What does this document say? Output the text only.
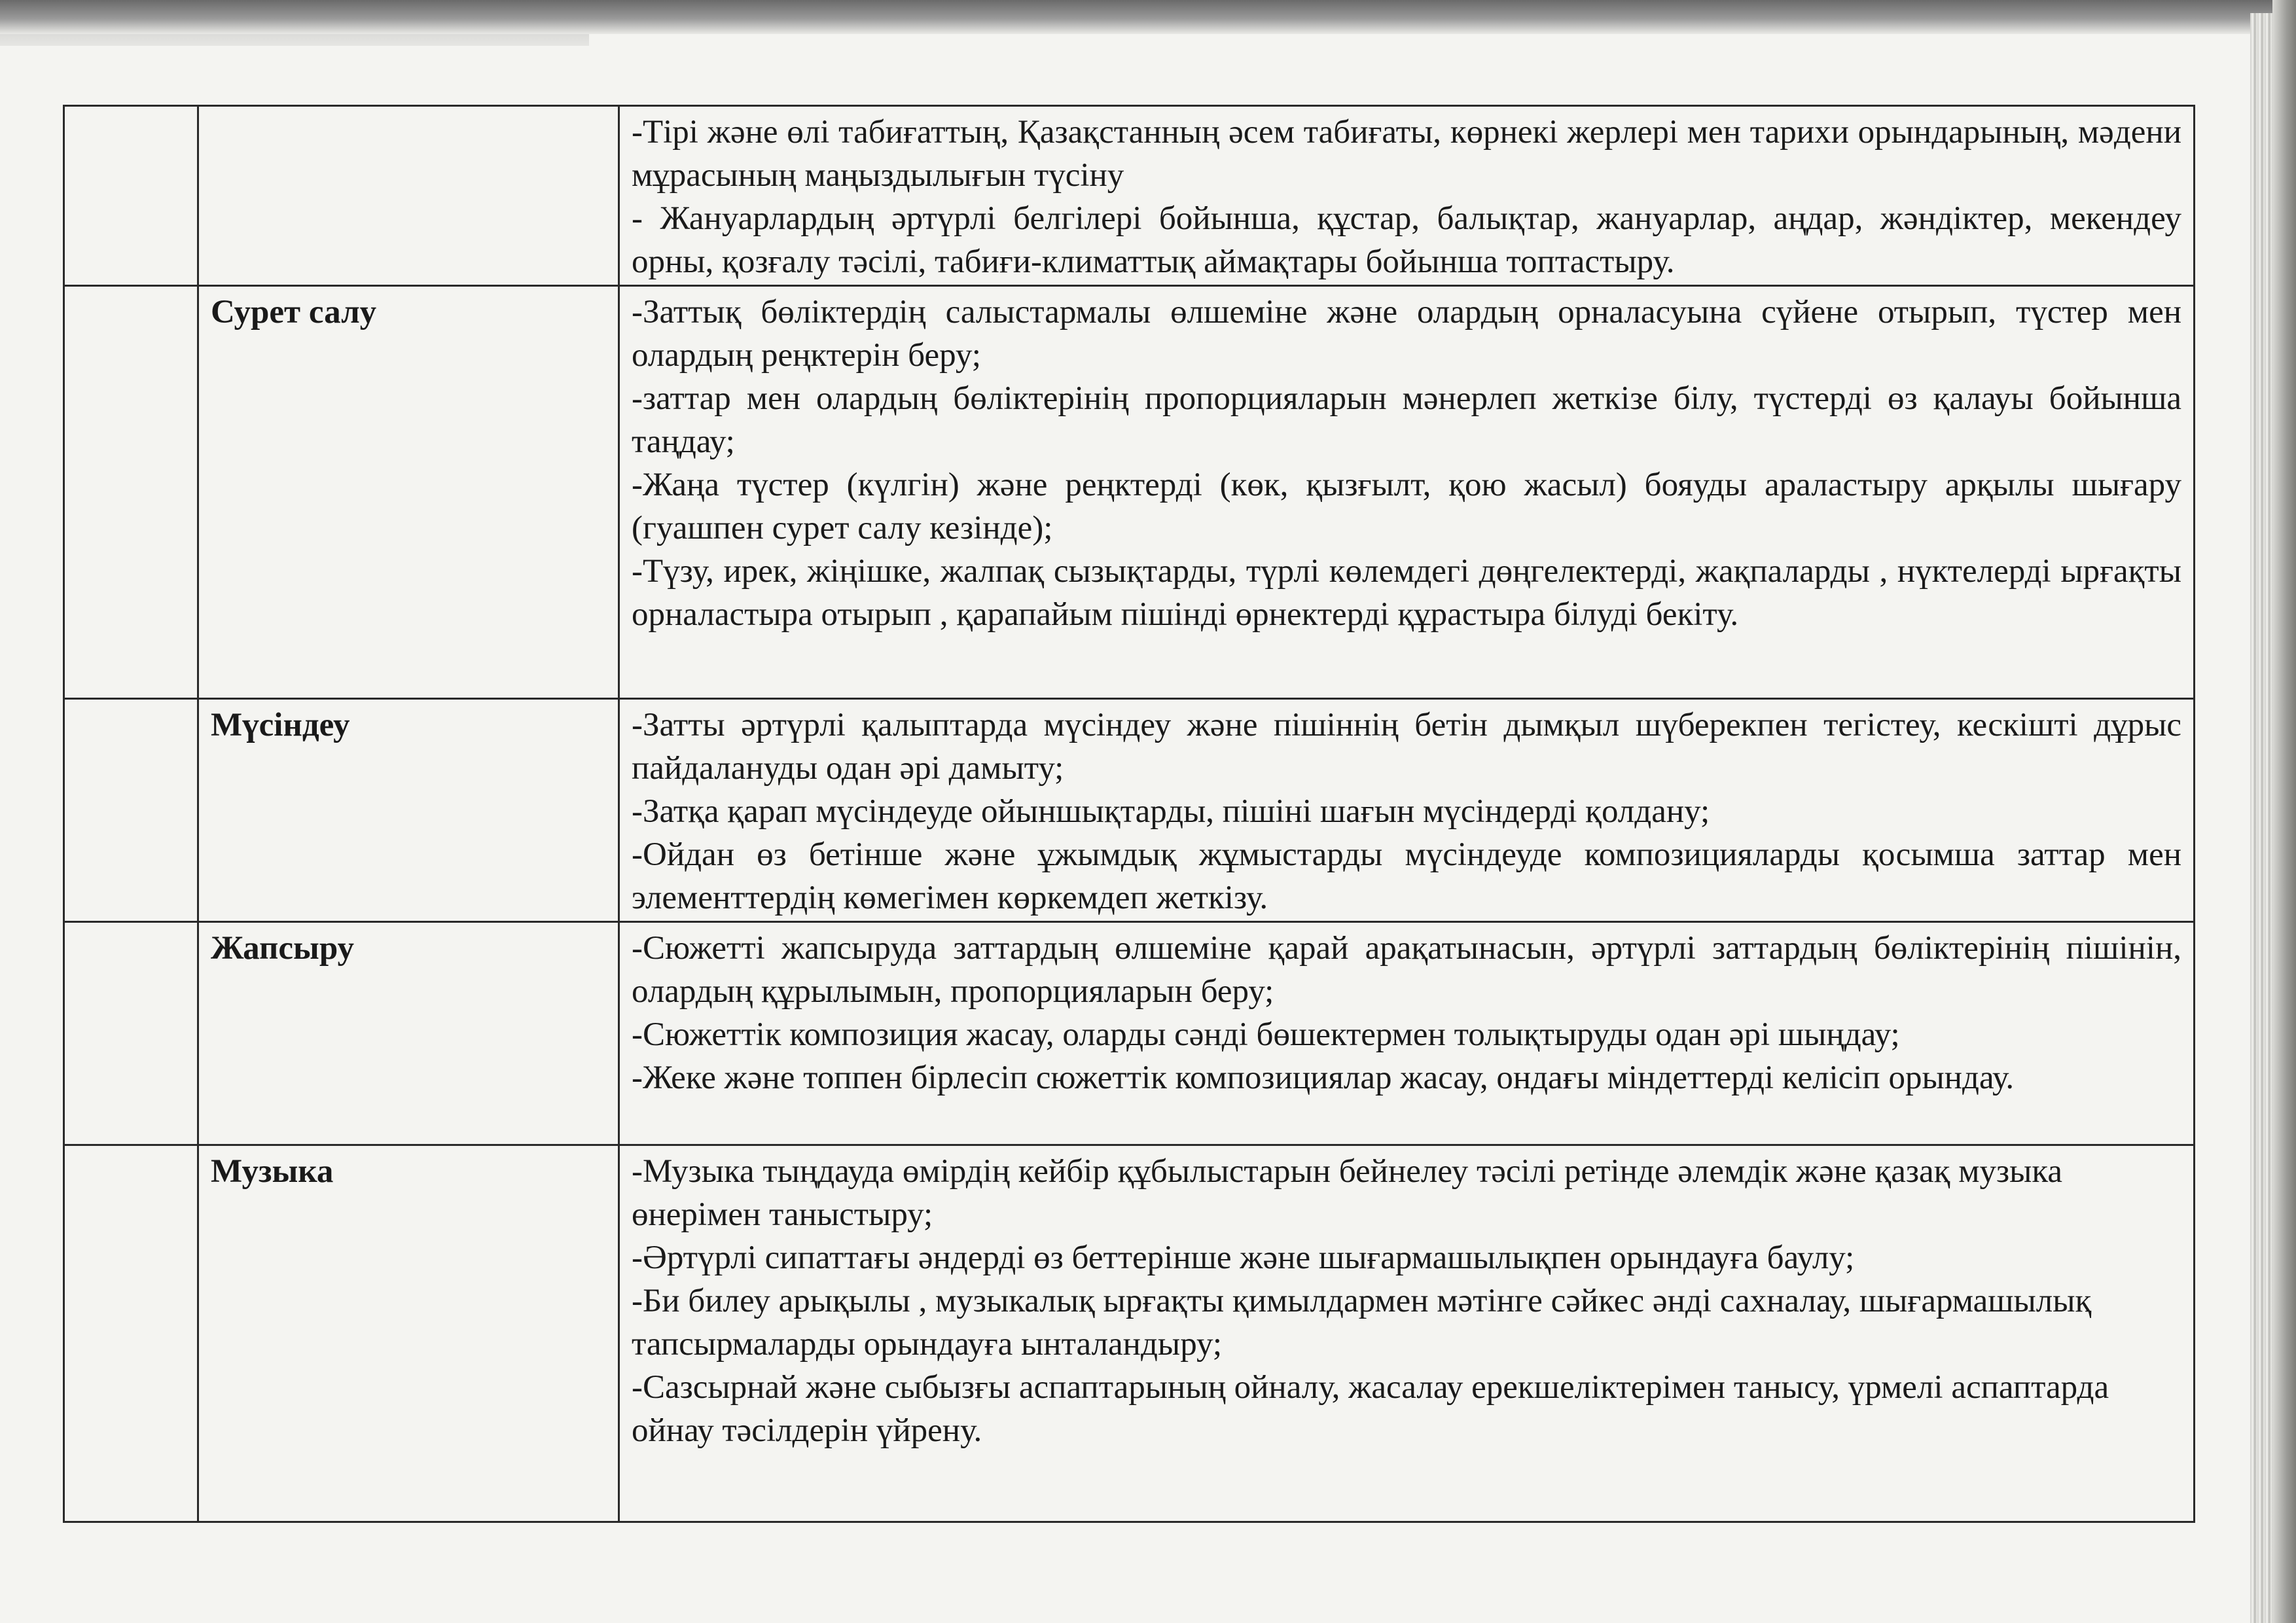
		-Тірі және өлі табиғаттың, Қазақстанның әсем табиғаты, көрнекі жерлері мен тарихи орындарының, мәдени мұрасының маңыздылығын түсіну

- Жануарлардың әртүрлі белгілері бойынша, құстар, балықтар, жануарлар, аңдар, жәндіктер, мекендеу орны, қозғалу тәсілі, табиғи-климаттық аймақтары бойынша топтастыру.

	Сурет салу	-Заттық бөліктердің салыстармалы өлшеміне және олардың орналасуына сүйене отырып, түстер мен олардың реңктерін беру;

-заттар мен олардың бөліктерінің пропорцияларын мәнерлеп жеткізе білу, түстерді өз қалауы бойынша таңдау;

-Жаңа түстер (күлгін) және реңктерді (көк, қызғылт, қою жасыл) бояуды араластыру арқылы шығару (гуашпен сурет салу кезінде);

-Түзу, ирек, жіңішке, жалпақ сызықтарды, түрлі көлемдегі дөңгелектерді, жақпаларды , нүктелерді ырғақты орналастыра отырып , қарапайым пішінді өрнектерді құрастыра білуді бекіту.

	Мүсіндеу	-Затты әртүрлі қалыптарда мүсіндеу және пішіннің бетін дымқыл шүберекпен тегістеу, кескішті дұрыс пайдалануды одан әрі дамыту;

-Затқа қарап мүсіндеуде ойыншықтарды, пішіні шағын мүсіндерді қолдану;

-Ойдан өз бетінше және ұжымдық жұмыстарды мүсіндеуде композицияларды қосымша заттар мен элементтердің көмегімен көркемдеп жеткізу.

	Жапсыру	-Сюжетті жапсыруда заттардың өлшеміне қарай арақатынасын, әртүрлі заттардың бөліктерінің пішінін, олардың құрылымын, пропорцияларын беру;

-Сюжеттік композиция жасау, оларды сәнді бөшектермен толықтыруды одан әрі шыңдау;

-Жеке және топпен бірлесіп сюжеттік композициялар жасау, ондағы міндеттерді келісіп орындау.

	Музыка	-Музыка тыңдауда өмірдің кейбір құбылыстарын бейнелеу тәсілі ретінде әлемдік және қазақ музыка өнерімен таныстыру;

-Әртүрлі сипаттағы әндерді өз беттерінше және шығармашылықпен орындауға баулу;

-Би билеу арықылы , музыкалық ырғақты қимылдармен мәтінге сәйкес әнді сахналау, шығармашылық тапсырмаларды орындауға ынталандыру;

-Сазсырнай және сыбызғы аспаптарының ойналу, жасалау ерекшеліктерімен танысу, үрмелі аспаптарда ойнау тәсілдерін үйрену.
